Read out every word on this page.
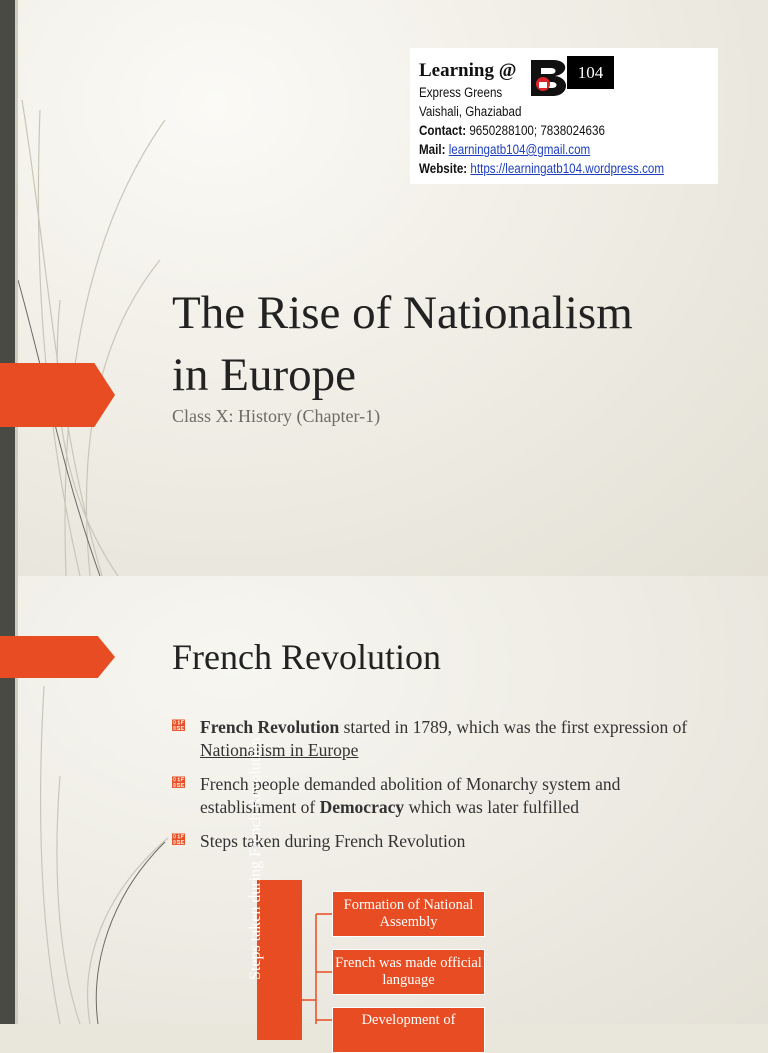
Learning @	104
Express Greens
Vaishali, Ghaziabad
Contact: 9650288100; 7838024636
Mail: learningatb104@gmail.com
Website: https://learningatb104.wordpress.com
The Rise of Nationalism
in Europe
Class X: History (Chapter-1)
French Revolution
🡞 French Revolution started in 1789, which was the first expression of Nationalism in Europe
🡞 French people demanded abolition of Monarchy system and establishment of Democracy which was later fulfilled
🡞 Steps taken during French Revolution
Steps taken during French Revolution	Formation of National Assembly
French was made official language
Development of
